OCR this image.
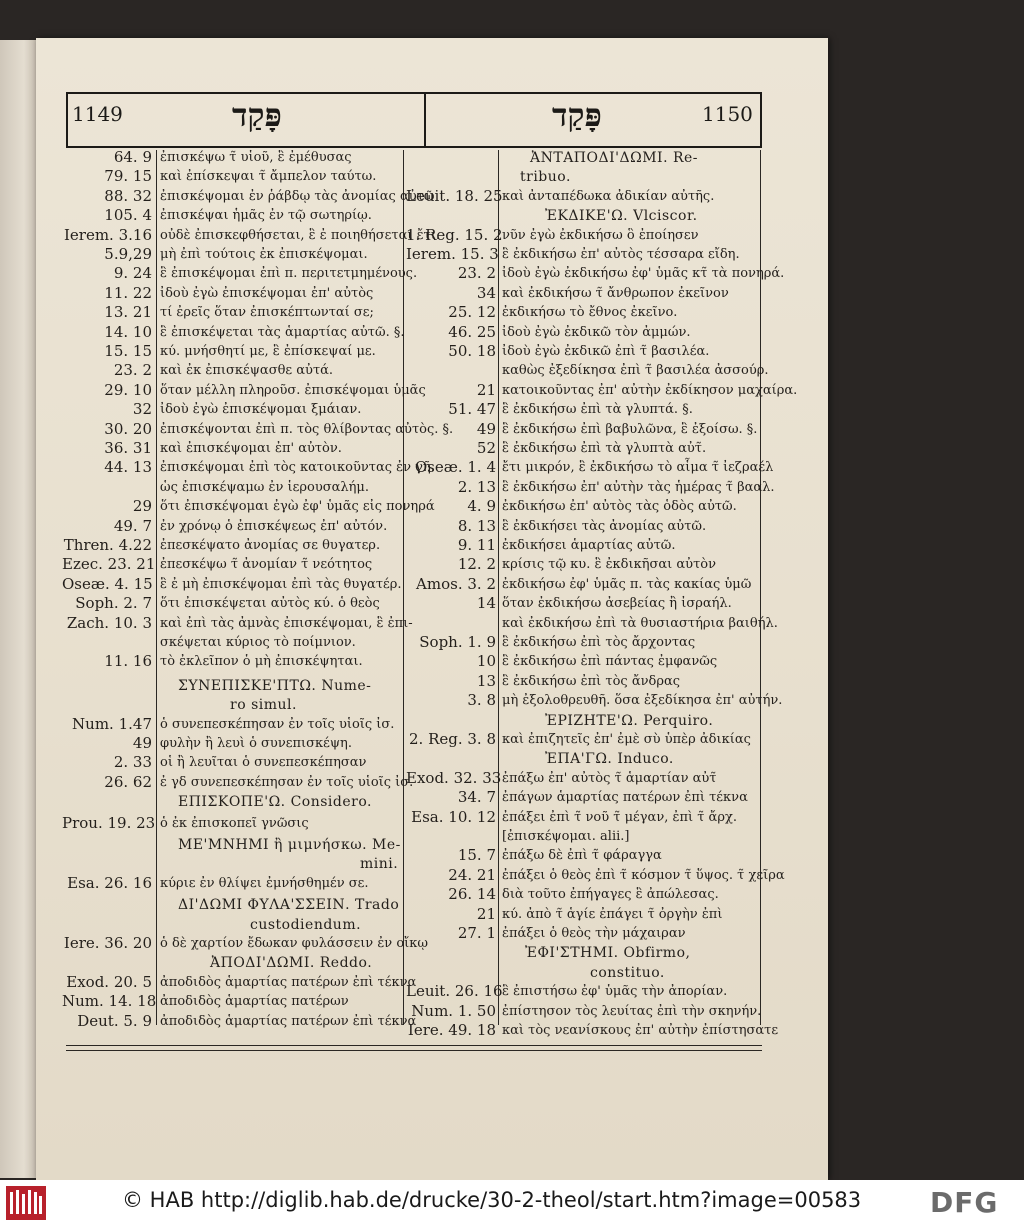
1149	1150
פָּקַד	פָּקַד
64. 9 ἐπισκέψω τ̃ υἱοῦ, ἓ ἐμέθυσας
79. 15 καὶ ἐπίσκεψαι τ̃ ἄμπελον ταύτω.
88. 32 ἐπισκέψομαι ἐν ῥάβδῳ τὰς ἀνομίας αὐτῶ
105. 4 ἐπισκέψαι ἡμᾶς ἐν τῷ σωτηρίῳ.
Ierem. 3.16 οὐδὲ ἐπισκεφθήσεται, ἓ ἐ ποιηθήσεται ἔτι.
5.9,29 μὴ ἐπὶ τούτοις ἐκ ἐπισκέψομαι.
9. 24 ἓ ἐπισκέψομαι ἐπὶ π. περιτετμημένους.
11. 22 ἰδοὺ ἐγὼ ἐπισκέψομαι ἐπ' αὐτὸς
13. 21 τί ἐρεῖς ὅταν ἐπισκέπτωνταί σε;
14. 10 ἓ ἐπισκέψεται τὰς ἁμαρτίας αὐτῶ. §.
15. 15 κύ. μνήσθητί με, ἓ ἐπίσκεψαί με.
23. 2 καὶ ἐκ ἐπισκέψασθε αὐτά.
29. 10 ὅταν μέλλη πληροῦσ. ἐπισκέψομαι ὑμᾶς
32 ἰδοὺ ἐγὼ ἐπισκέψομαι ξμάιαν.
30. 20 ἐπισκέψονται ἐπὶ π. τὸς θλίβοντας αὐτὸς. §.
36. 31 καὶ ἐπισκέψομαι ἐπ' αὐτὸν.
44. 13 ἐπισκέψομαι ἐπὶ τὸς κατοικοῦντας ἐν γῆ.
ὡς ἐπισκέψαμω ἐν ἱερουσαλήμ.
29 ὅτι ἐπισκέψομαι ἐγὼ ἐφ' ὑμᾶς εἰς πονηρά
49. 7 ἐν χρόνῳ ὁ ἐπισκέψεως ἐπ' αὐτόν.
Thren. 4.22 ἐπεσκέψατο ἀνομίας σε θυγατερ.
Ezec. 23. 21 ἐπεσκέψω τ̃ ἀνομίαν τ̃ νεότητος
Oseæ. 4. 15 ἓ ἐ μὴ ἐπισκέψομαι ἐπὶ τὰς θυγατέρ.
Soph. 2. 7 ὅτι ἐπισκέψεται αὐτὸς κύ. ὁ θεὸς
Zach. 10. 3 καὶ ἐπὶ τὰς ἀμνὰς ἐπισκέψομαι, ἓ ἐπι-
σκέψεται κύριος τὸ ποίμνιον.
11. 16 τὸ ἐκλεῖπον ὁ μὴ ἐπισκέψηται.
ΣΥΝΕΠΙΣΚΕ'ΠΤΩ. Nume-
ro simul.
Num. 1.47 ὁ συνεπεσκέπησαν ἐν τοῖς υἱοῖς ἰσ.
49 φυλὴν ἢ λευὶ ὁ συνεπισκέψη.
2. 33 οἱ ἢ λευῖται ὁ συνεπεσκέπησαν
26. 62 ἐ γδ συνεπεσκέπησαν ἐν τοῖς υἱοῖς ἰσ.
ΕΠΙΣΚΟΠΕ'Ω. Considero.
Prou. 19. 23 ὁ ἐκ ἐπισκοπεῖ γνῶσις
ΜΕ'ΜΝΗΜΙ ἢ μιμνήσκω. Me-
mini.
Esa. 26. 16 κύριε ἐν θλίψει ἐμνήσθημέν σε.
ΔΙ'ΔΩΜΙ ΦΥΛΑ'ΣΣΕΙΝ. Trado
custodiendum.
Iere. 36. 20 ὁ δὲ χαρτίον ἔδωκαν φυλάσσειν ἐν οἴκῳ
ἈΠΟΔΙ'ΔΩΜΙ. Reddo.
Exod. 20. 5 ἀποδιδὸς ἁμαρτίας πατέρων ἐπὶ τέκνα
Num. 14. 18 ἀποδιδὸς ἁμαρτίας πατέρων
Deut. 5. 9 ἀποδιδὸς ἁμαρτίας πατέρων ἐπὶ τέκνα
ἈΝΤΑΠΟΔΙ'ΔΩΜΙ. Re-
tribuo.
Leuit. 18. 25 καὶ ἀνταπέδωκα ἀδικίαν αὐτῆς.
ἘΚΔΙΚΕ'Ω. Vlciscor.
1. Reg. 15. 2 νῦν ἐγὼ ἐκδικήσω ὃ ἐποίησεν
Ierem. 15. 3 ἓ ἐκδικήσω ἐπ' αὐτὸς τέσσαρα εἴδη.
23. 2 ἰδοὺ ἐγὼ ἐκδικήσω ἐφ' ὑμᾶς κτ̃ τὰ πονηρά.
34 καὶ ἐκδικήσω τ̃ ἄνθρωπον ἐκεῖνον
25. 12 ἐκδικήσω τὸ ἔθνος ἐκεῖνο.
46. 25 ἰδοὺ ἐγὼ ἐκδικῶ τὸν ἀμμών.
50. 18 ἰδοὺ ἐγὼ ἐκδικῶ ἐπὶ τ̃ βασιλέα.
καθὼς ἐξεδίκησα ἐπὶ τ̃ βασιλέα ἀσσούρ.
21 κατοικοῦντας ἐπ' αὐτὴν ἐκδίκησον μαχαίρα.
51. 47 ἓ ἐκδικήσω ἐπὶ τὰ γλυπτά. §.
49 ἓ ἐκδικήσω ἐπὶ βαβυλῶνα, ἓ ἐξοίσω. §.
52 ἓ ἐκδικήσω ἐπὶ τὰ γλυπτὰ αὐτ̃.
Oseæ. 1. 4 ἔτι μικρόν, ἓ ἐκδικήσω τὸ αἷμα τ̃ ἰεζραέλ
2. 13 ἓ ἐκδικήσω ἐπ' αὐτὴν τὰς ἡμέρας τ̃ βααλ.
4. 9 ἐκδικήσω ἐπ' αὐτὸς τὰς ὁδὸς αὐτῶ.
8. 13 ἓ ἐκδικήσει τὰς ἀνομίας αὐτῶ.
9. 11 ἐκδικήσει ἁμαρτίας αὐτῶ.
12. 2 κρίσις τῷ κυ. ἓ ἐκδικῆσαι αὐτὸν
Amos. 3. 2 ἐκδικήσω ἐφ' ὑμᾶς π. τὰς κακίας ὑμῶ
14 ὅταν ἐκδικήσω ἀσεβείας ἢ ἰσραήλ.
καὶ ἐκδικήσω ἐπὶ τὰ θυσιαστήρια βαιθήλ.
Soph. 1. 9 ἓ ἐκδικήσω ἐπὶ τὸς ἄρχοντας
10 ἓ ἐκδικήσω ἐπὶ πάντας ἐμφανῶς
13 ἓ ἐκδικήσω ἐπὶ τὸς ἄνδρας
3. 8 μὴ ἐξολοθρευθῆ. ὅσα ἐξεδίκησα ἐπ' αὐτήν.
ἘΡΙΖΗΤΕ'Ω. Perquiro.
2. Reg. 3. 8 καὶ ἐπιζητεῖς ἐπ' ἐμὲ σὺ ὑπὲρ ἀδικίας
ἘΠΑ'ΓΩ. Induco.
Exod. 32. 33 ἐπάξω ἐπ' αὐτὸς τ̃ ἁμαρτίαν αὐτ̃
34. 7 ἐπάγων ἁμαρτίας πατέρων ἐπὶ τέκνα
Esa. 10. 12 ἐπάξει ἐπὶ τ̃ νοῦ τ̃ μέγαν, ἐπὶ τ̃ ἄρχ.
[ἐπισκέψομαι. alii.]
15. 7 ἐπάξω δὲ ἐπὶ τ̃ φάραγγα
24. 21 ἐπάξει ὁ θεὸς ἐπὶ τ̃ κόσμον τ̃ ὕψος. τ̃ χεῖρα
26. 14 διὰ τοῦτο ἐπήγαγες ἓ ἀπώλεσας.
21 κύ. ἀπὸ τ̃ ἁγίε ἐπάγει τ̃ ὀργὴν ἐπὶ
27. 1 ἐπάξει ὁ θεὸς τὴν μάχαιραν
ἘΦΙ'ΣΤΗΜΙ. Obfirmo,
constituo.
Leuit. 26. 16 ἓ ἐπιστήσω ἐφ' ὑμᾶς τὴν ἀπορίαν.
Num. 1. 50 ἐπίστησον τὸς λευίτας ἐπὶ τὴν σκηνήν.
Iere. 49. 18 καὶ τὸς νεανίσκους ἐπ' αὐτὴν ἐπίστησατε
© HAB http://diglib.hab.de/drucke/30-2-theol/start.htm?image=00583 DFG
